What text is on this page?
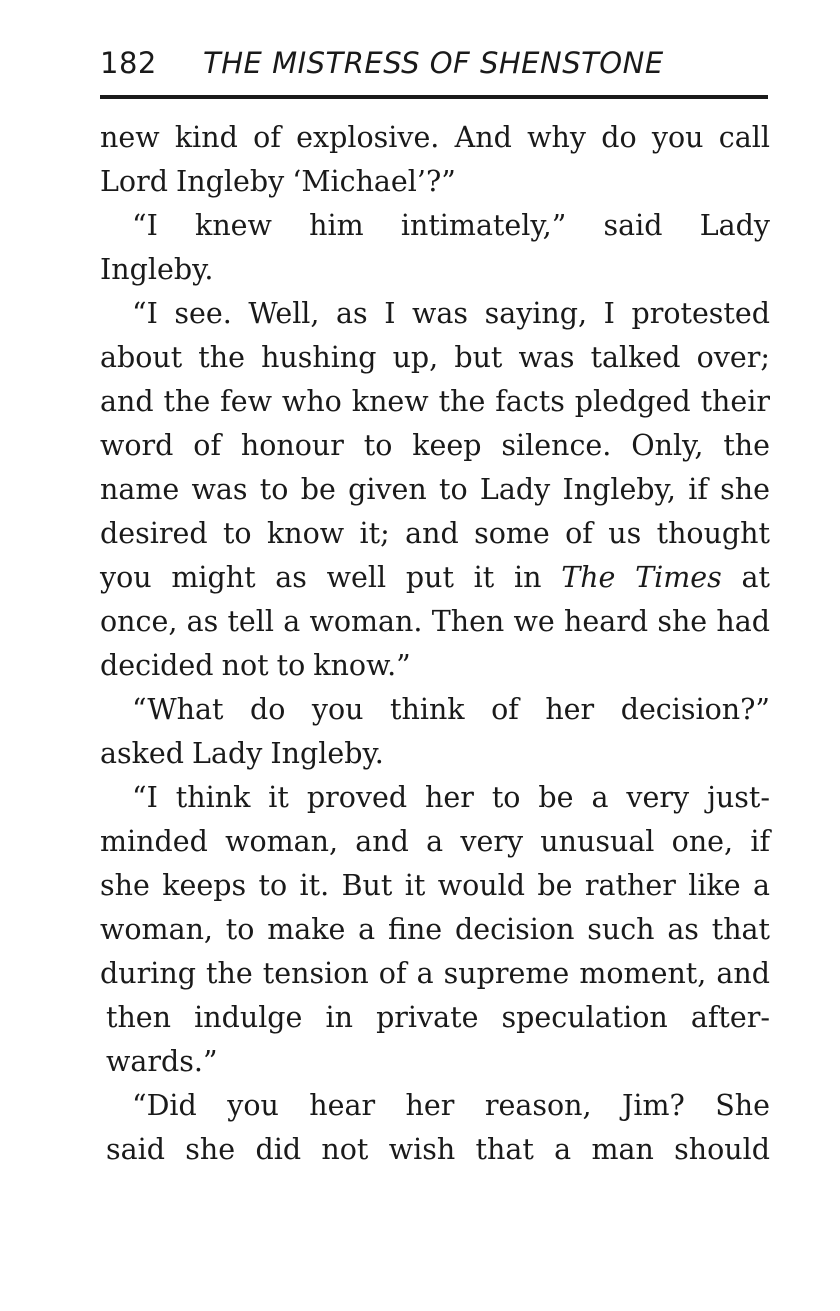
182 THE MISTRESS OF SHENSTONE
new kind of explosive. And why do you call
Lord Ingleby ‘Michael’?”
“I knew him intimately,” said Lady
Ingleby.
“I see. Well, as I was saying, I protested
about the hushing up, but was talked over;
and the few who knew the facts pledged their
word of honour to keep silence. Only, the
name was to be given to Lady Ingleby, if she
desired to know it; and some of us thought
you might as well put it in The Times at
once, as tell a woman. Then we heard she had
decided not to know.”
“What do you think of her decision?”
asked Lady Ingleby.
“I think it proved her to be a very just-
minded woman, and a very unusual one, if
she keeps to it. But it would be rather like a
woman, to make a fine decision such as that
during the tension of a supreme moment, and
then indulge in private speculation after-
wards.”
“Did you hear her reason, Jim? She
said she did not wish that a man should
